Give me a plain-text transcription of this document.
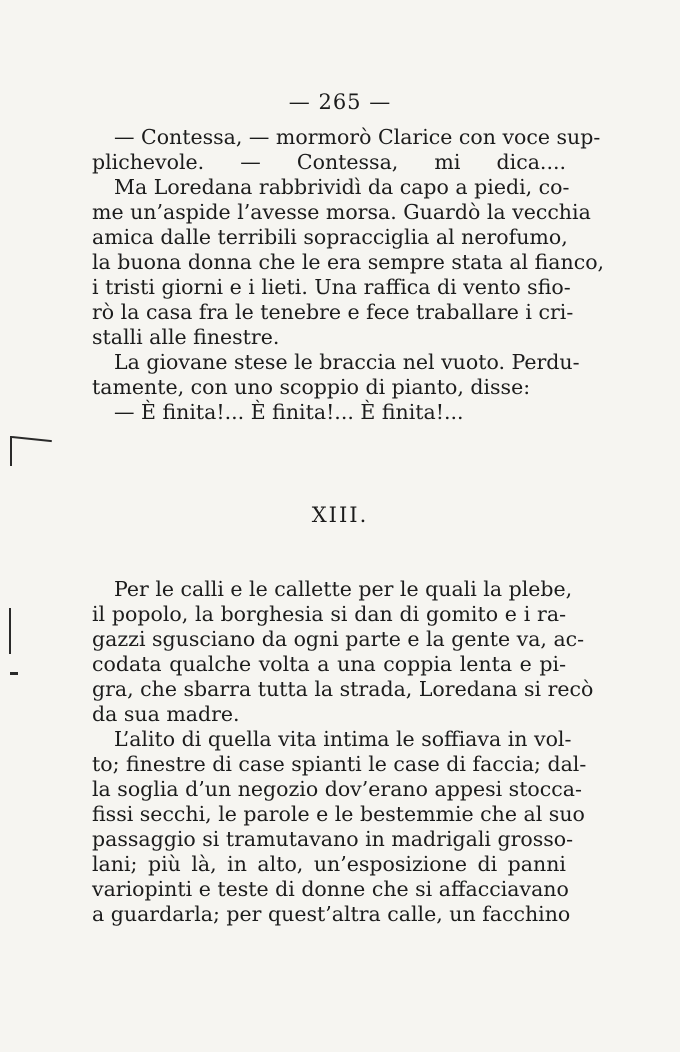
— 265 —
— Contessa, — mormorò Clarice con voce sup-
plichevole. — Contessa, mi dica....
Ma Loredana rabbrividì da capo a piedi, co-
me un’aspide l’avesse morsa. Guardò la vecchia
amica dalle terribili sopracciglia al nerofumo,
la buona donna che le era sempre stata al fianco,
i tristi giorni e i lieti. Una raffica di vento sfio-
rò la casa fra le tenebre e fece traballare i cri-
stalli alle finestre.
La giovane stese le braccia nel vuoto. Perdu-
tamente, con uno scoppio di pianto, disse:
— È finita!... È finita!... È finita!...
XIII.
Per le calli e le callette per le quali la plebe,
il popolo, la borghesia si dan di gomito e i ra-
gazzi sgusciano da ogni parte e la gente va, ac-
codata qualche volta a una coppia lenta e pi-
gra, che sbarra tutta la strada, Loredana si recò
da sua madre.
L’alito di quella vita intima le soffiava in vol-
to; finestre di case spianti le case di faccia; dal-
la soglia d’un negozio dov’erano appesi stocca-
fissi secchi, le parole e le bestemmie che al suo
passaggio si tramutavano in madrigali grosso-
lani; più là, in alto, un’esposizione di panni
variopinti e teste di donne che si affacciavano
a guardarla; per quest’altra calle, un facchino
